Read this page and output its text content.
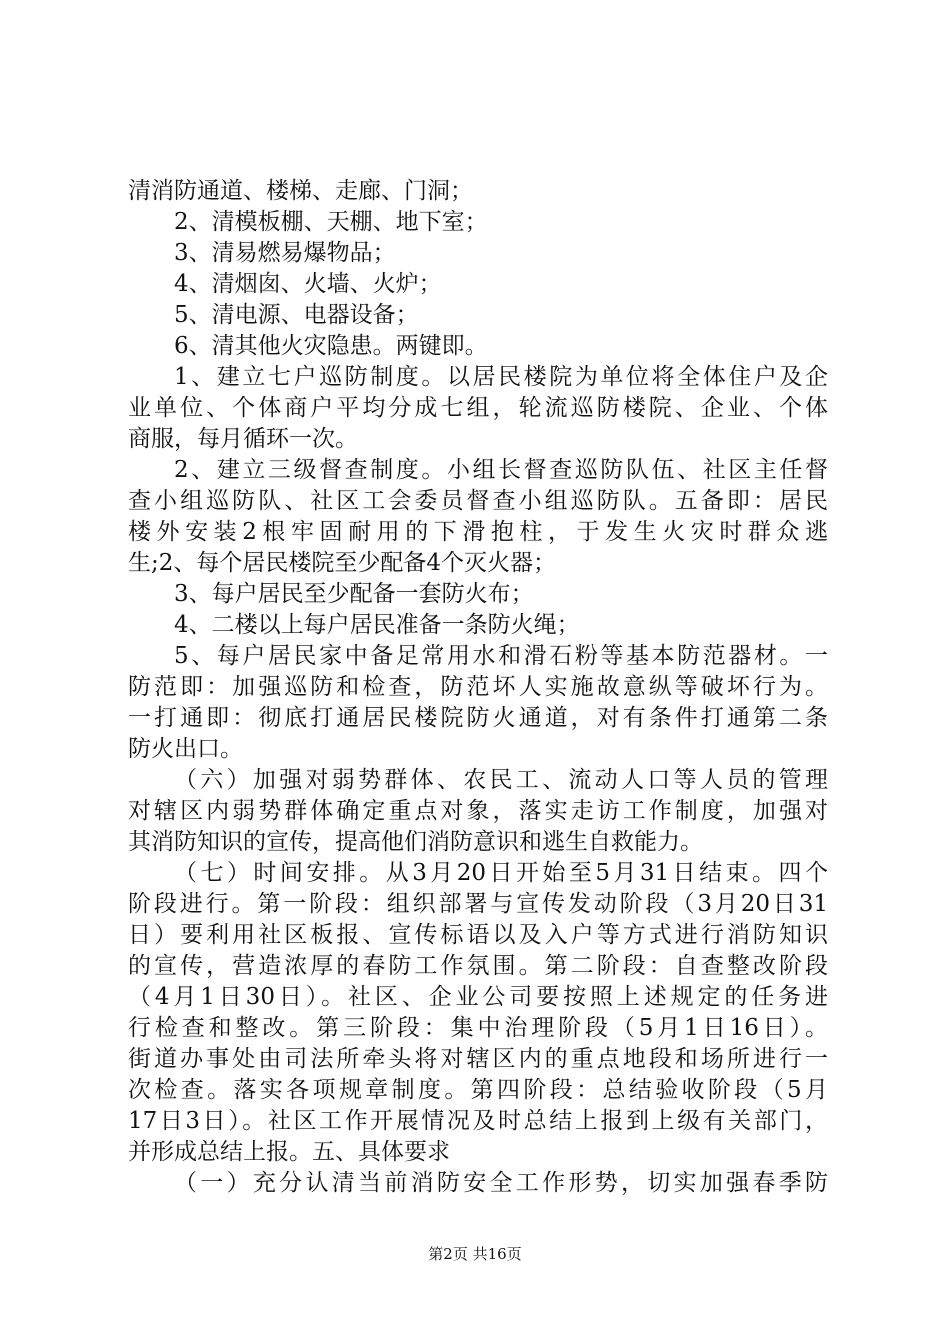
清消防通道、楼梯、走廊、门洞；
2、清模板棚、天棚、地下室；
3、清易燃易爆物品；
4、清烟囱、火墙、火炉；
5、清电源、电器设备；
6、清其他火灾隐患。两键即。
1、建立七户巡防制度。以居民楼院为单位将全体住户及企
业单位、个体商户平均分成七组，轮流巡防楼院、企业、个体
商服，每月循环一次。
2、建立三级督查制度。小组长督查巡防队伍、社区主任督
查小组巡防队、社区工会委员督查小组巡防队。五备即：居民
楼外安装2根牢固耐用的下滑抱柱，于发生火灾时群众逃
生;2、每个居民楼院至少配备4个灭火器；
3、每户居民至少配备一套防火布；
4、二楼以上每户居民准备一条防火绳；
5、每户居民家中备足常用水和滑石粉等基本防范器材。一
防范即：加强巡防和检查，防范坏人实施故意纵等破坏行为。
一打通即：彻底打通居民楼院防火通道，对有条件打通第二条
防火出口。
（六）加强对弱势群体、农民工、流动人口等人员的管理
对辖区内弱势群体确定重点对象，落实走访工作制度，加强对
其消防知识的宣传，提高他们消防意识和逃生自救能力。
（七）时间安排。从3月20日开始至5月31日结束。四个
阶段进行。第一阶段：组织部署与宣传发动阶段（3月20日31
日）要利用社区板报、宣传标语以及入户等方式进行消防知识
的宣传，营造浓厚的春防工作氛围。第二阶段：自查整改阶段
（4月1日30日）。社区、企业公司要按照上述规定的任务进
行检查和整改。第三阶段：集中治理阶段（5月1日16日）。
街道办事处由司法所牵头将对辖区内的重点地段和场所进行一
次检查。落实各项规章制度。第四阶段：总结验收阶段（5月
17日3日）。社区工作开展情况及时总结上报到上级有关部门，
并形成总结上报。五、具体要求
（一）充分认清当前消防安全工作形势，切实加强春季防
第2页 共16页
